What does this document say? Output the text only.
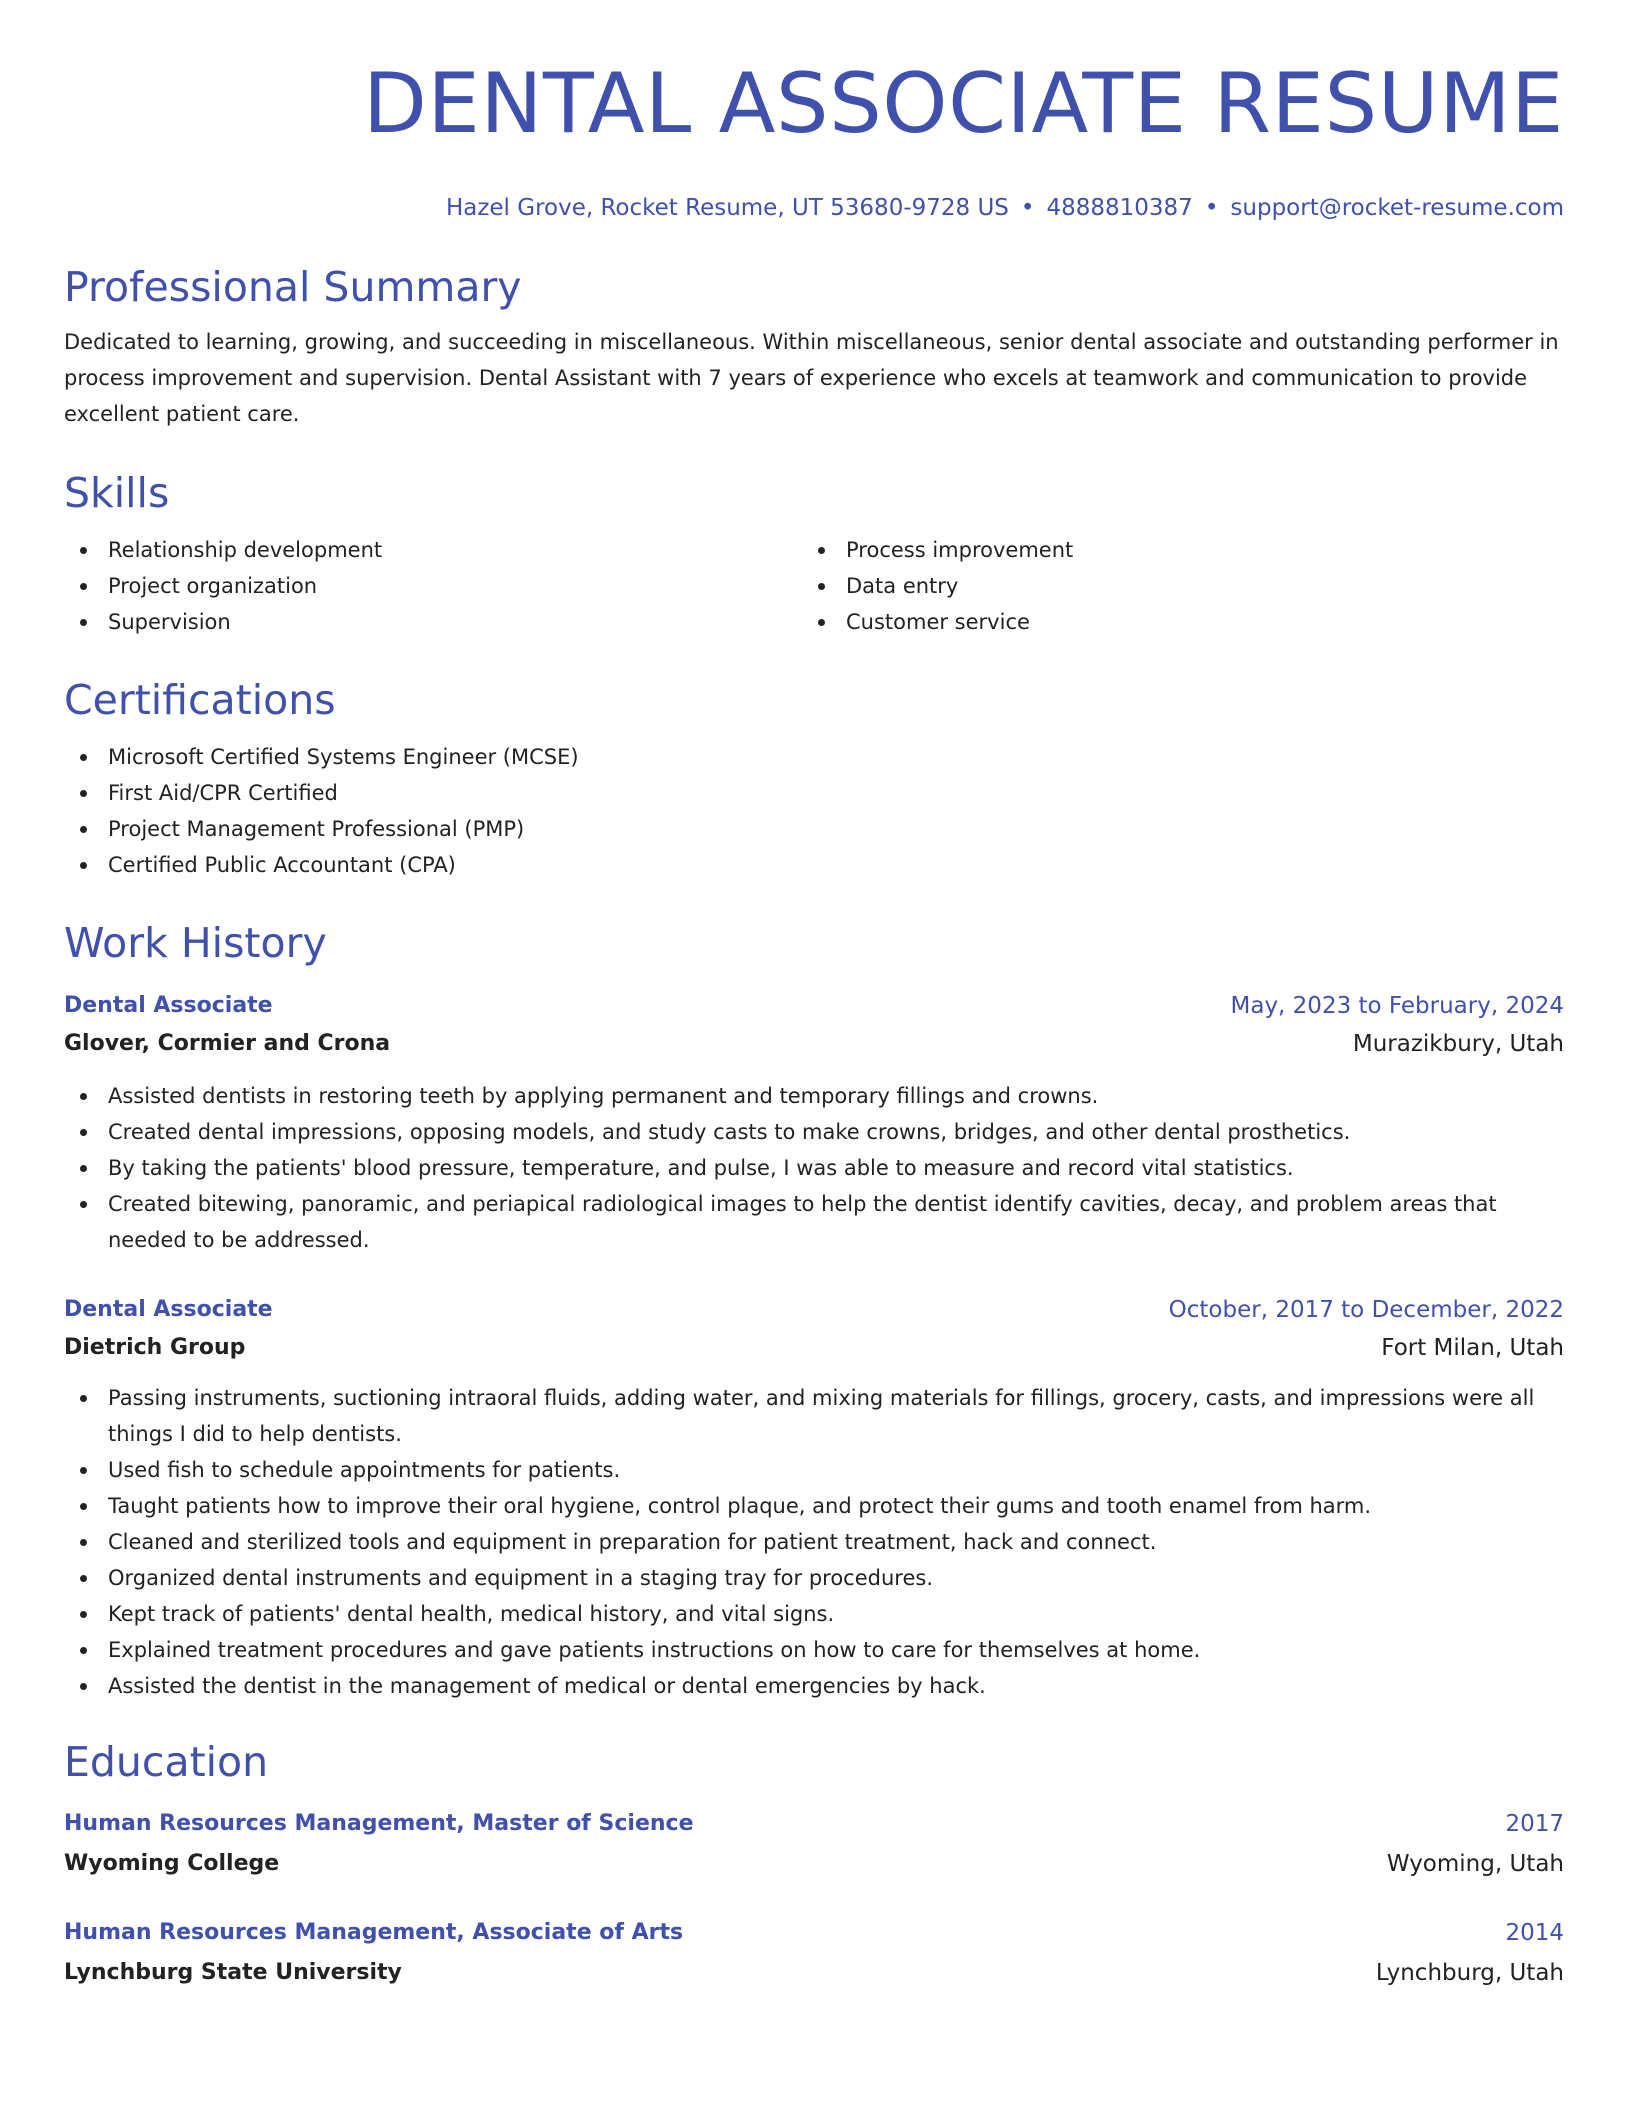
DENTAL ASSOCIATE RESUME
Hazel Grove, Rocket Resume, UT 53680-9728 US • 4888810387 • support@rocket-resume.com
Professional Summary
Dedicated to learning, growing, and succeeding in miscellaneous. Within miscellaneous, senior dental associate and outstanding performer in process improvement and supervision. Dental Assistant with 7 years of experience who excels at teamwork and communication to provide excellent patient care.
Skills
Relationship development
Project organization
Supervision
Process improvement
Data entry
Customer service
Certifications
Microsoft Certified Systems Engineer (MCSE)
First Aid/CPR Certified
Project Management Professional (PMP)
Certified Public Accountant (CPA)
Work History
Dental Associate	May, 2023 to February, 2024
Glover, Cormier and Crona	Murazikbury, Utah
Assisted dentists in restoring teeth by applying permanent and temporary fillings and crowns.
Created dental impressions, opposing models, and study casts to make crowns, bridges, and other dental prosthetics.
By taking the patients' blood pressure, temperature, and pulse, I was able to measure and record vital statistics.
Created bitewing, panoramic, and periapical radiological images to help the dentist identify cavities, decay, and problem areas that needed to be addressed.
Dental Associate	October, 2017 to December, 2022
Dietrich Group	Fort Milan, Utah
Passing instruments, suctioning intraoral fluids, adding water, and mixing materials for fillings, grocery, casts, and impressions were all things I did to help dentists.
Used fish to schedule appointments for patients.
Taught patients how to improve their oral hygiene, control plaque, and protect their gums and tooth enamel from harm.
Cleaned and sterilized tools and equipment in preparation for patient treatment, hack and connect.
Organized dental instruments and equipment in a staging tray for procedures.
Kept track of patients' dental health, medical history, and vital signs.
Explained treatment procedures and gave patients instructions on how to care for themselves at home.
Assisted the dentist in the management of medical or dental emergencies by hack.
Education
Human Resources Management, Master of Science	2017
Wyoming College	Wyoming, Utah
Human Resources Management, Associate of Arts	2014
Lynchburg State University	Lynchburg, Utah
